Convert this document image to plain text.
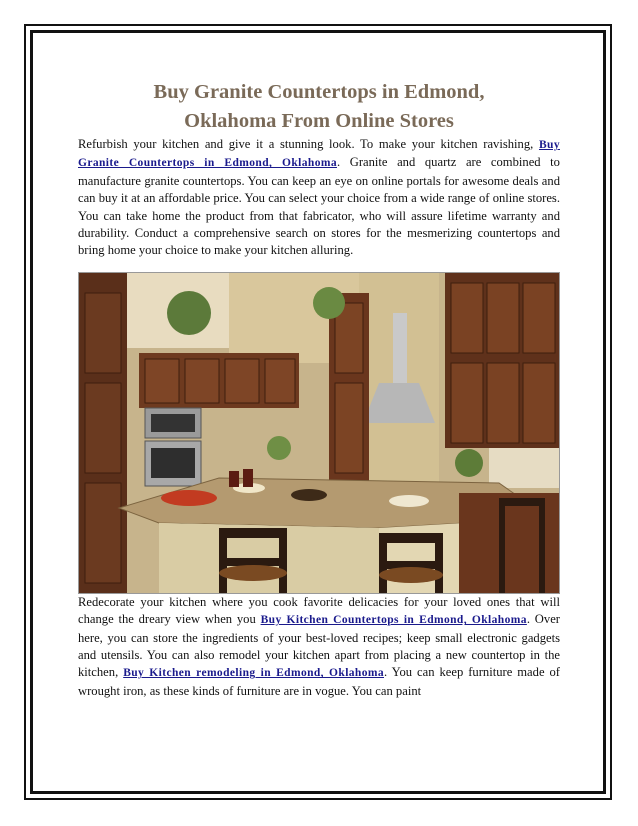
Buy Granite Countertops in Edmond,
Oklahoma From Online Stores

Refurbish your kitchen and give it a stunning look. To make your kitchen ravishing, Buy Granite Countertops in Edmond, Oklahoma. Granite and quartz are combined to manufacture granite countertops. You can keep an eye on online portals for awesome deals and can buy it at an affordable price. You can select your choice from a wide range of online stores. You can take home the product from that fabricator, who will assure lifetime warranty and durability. Conduct a comprehensive search on stores for the mesmerizing countertops and bring home your choice to make your kitchen alluring.

Redecorate your kitchen where you cook favorite delicacies for your loved ones that will change the dreary view when you Buy Kitchen Countertops in Edmond, Oklahoma. Over here, you can store the ingredients of your best-loved recipes; keep small electronic gadgets and utensils. You can also remodel your kitchen apart from placing a new countertop in the kitchen, Buy Kitchen remodeling in Edmond, Oklahoma. You can keep furniture made of wrought iron, as these kinds of furniture are in vogue. You can paint
